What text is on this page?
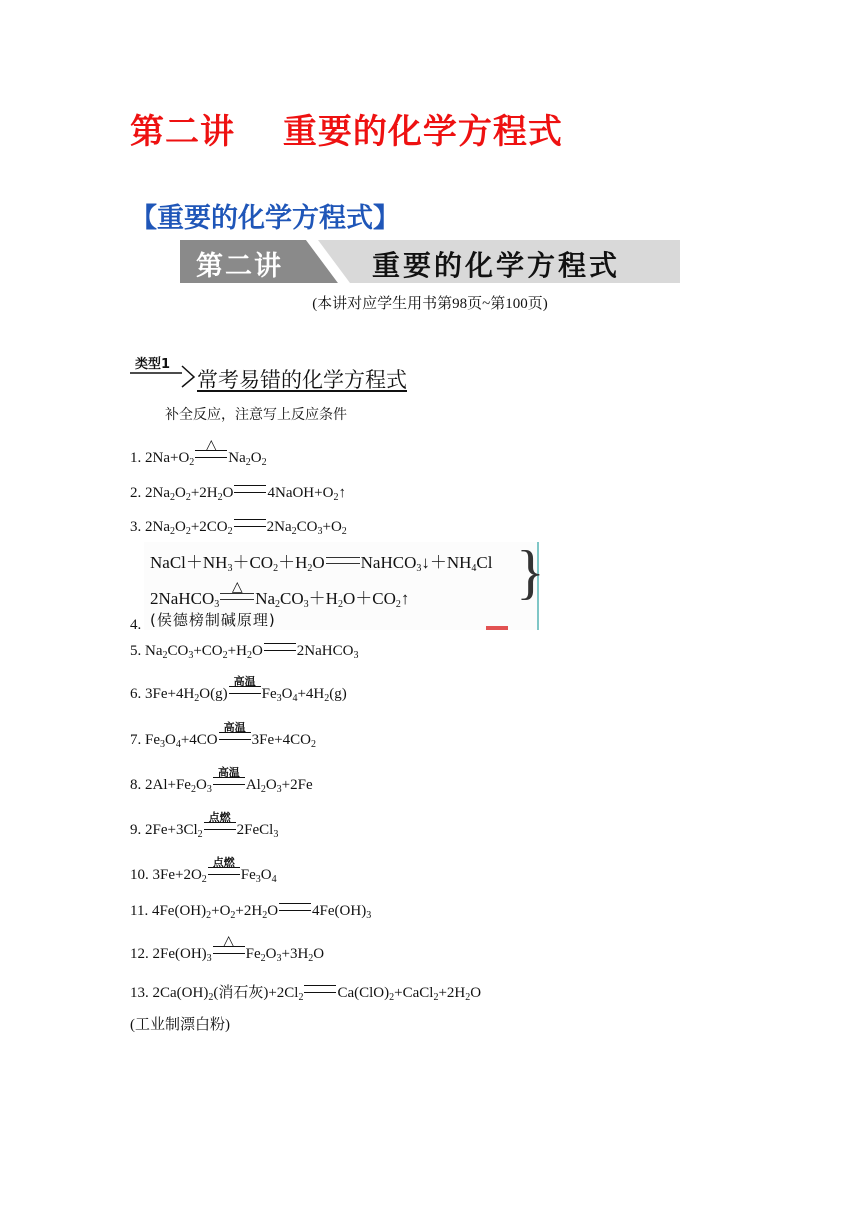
第二讲　 重要的化学方程式
【重要的化学方程式】
第二讲	重要的化学方程式
(本讲对应学生用书第98页~第100页)
类型1
常考易错的化学方程式
补全反应，注意写上反应条件
1. $2Na+O_2$
△
$Na_2O_2$
2. $2Na_2O_2+2H_2O$ $4NaOH+O_2↑$
3. $2Na_2O_2+2CO_2$ $2Na_2CO_3+O_2$
$NaCl+NH_3+CO_2+H_2O$ $NaHCO_3↓+NH_4Cl$
2NaHCO$_3$
△
$Na_2CO_3+H_2O+CO_2↑$
(侯德榜制碱原理)
}
4.
5. $Na_2CO_3+CO_2+H_2O$ 2NaHCO$_3$
6. $3Fe+4H_2O(g)$
高温
$Fe_3O_4+4H_2(g)$
7. $Fe_3O_4+4CO$
高温
$3Fe+4CO_2$
8. $2Al+Fe_2O_3$
高温
$Al_2O_3+2Fe$
9. $2Fe+3Cl_2$
点燃
2FeCl$_3$
10. $3Fe+2O_2$
点燃
$Fe_3O_4$
11. $4Fe(OH)_2+O_2+2H_2O$ $4Fe(OH)_3$
12. $2Fe(OH)_3$
△
$Fe_2O_3+3H_2O$
13. $2Ca(OH)_2$(消石灰)$+2Cl_2$ $Ca(ClO)_2+CaCl_2+2H_2O$
(工业制漂白粉)
